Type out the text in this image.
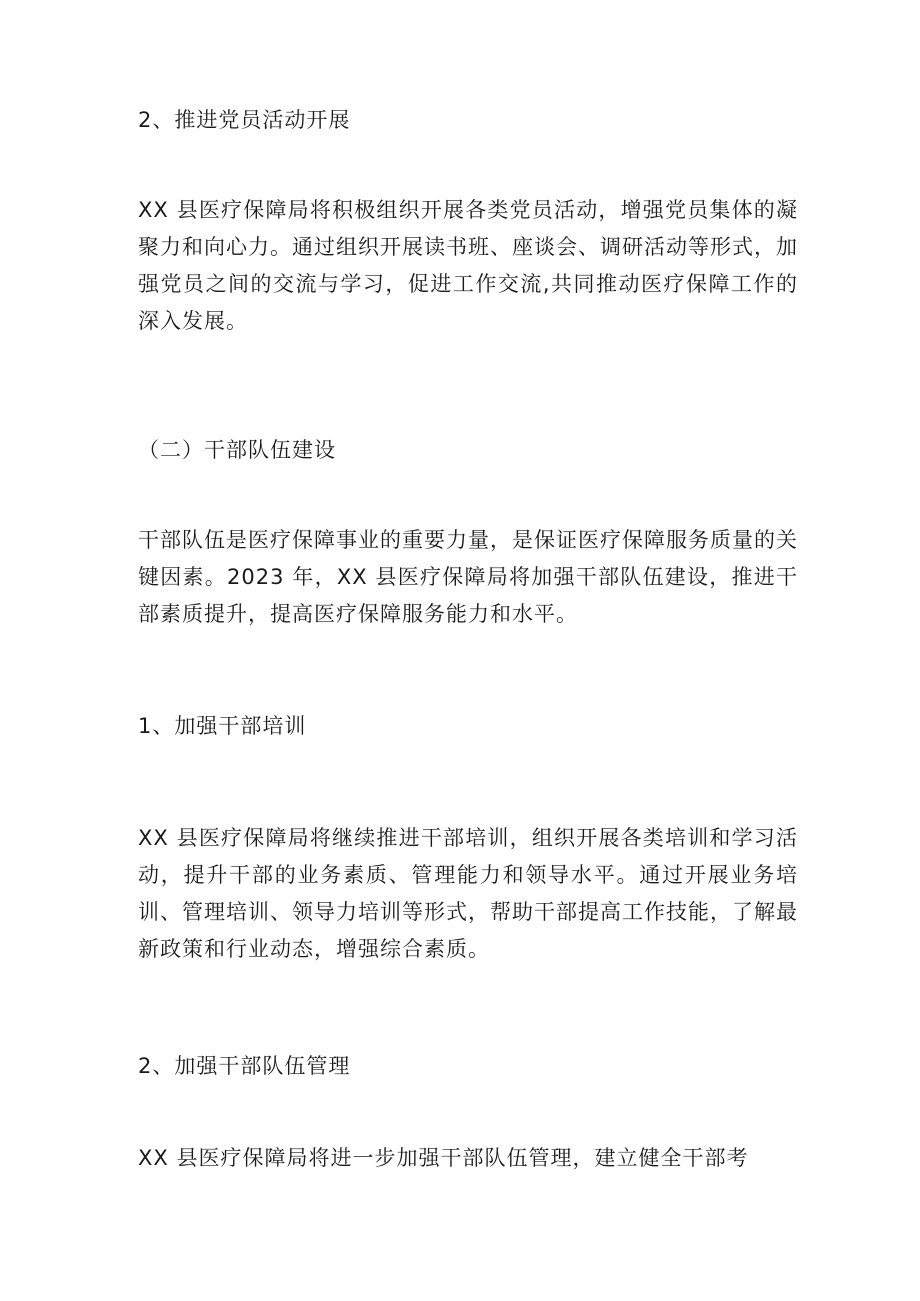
2、推进党员活动开展

XX 县医疗保障局将积极组织开展各类党员活动，增强党员集体的凝聚力和向心力。通过组织开展读书班、座谈会、调研活动等形式，加强党员之间的交流与学习，促进工作交流,共同推动医疗保障工作的深入发展。

（二）干部队伍建设

干部队伍是医疗保障事业的重要力量，是保证医疗保障服务质量的关键因素。2023 年，XX 县医疗保障局将加强干部队伍建设，推进干部素质提升，提高医疗保障服务能力和水平。

1、加强干部培训

XX 县医疗保障局将继续推进干部培训，组织开展各类培训和学习活动，提升干部的业务素质、管理能力和领导水平。通过开展业务培训、管理培训、领导力培训等形式，帮助干部提高工作技能，了解最新政策和行业动态，增强综合素质。

2、加强干部队伍管理

XX 县医疗保障局将进一步加强干部队伍管理，建立健全干部考
